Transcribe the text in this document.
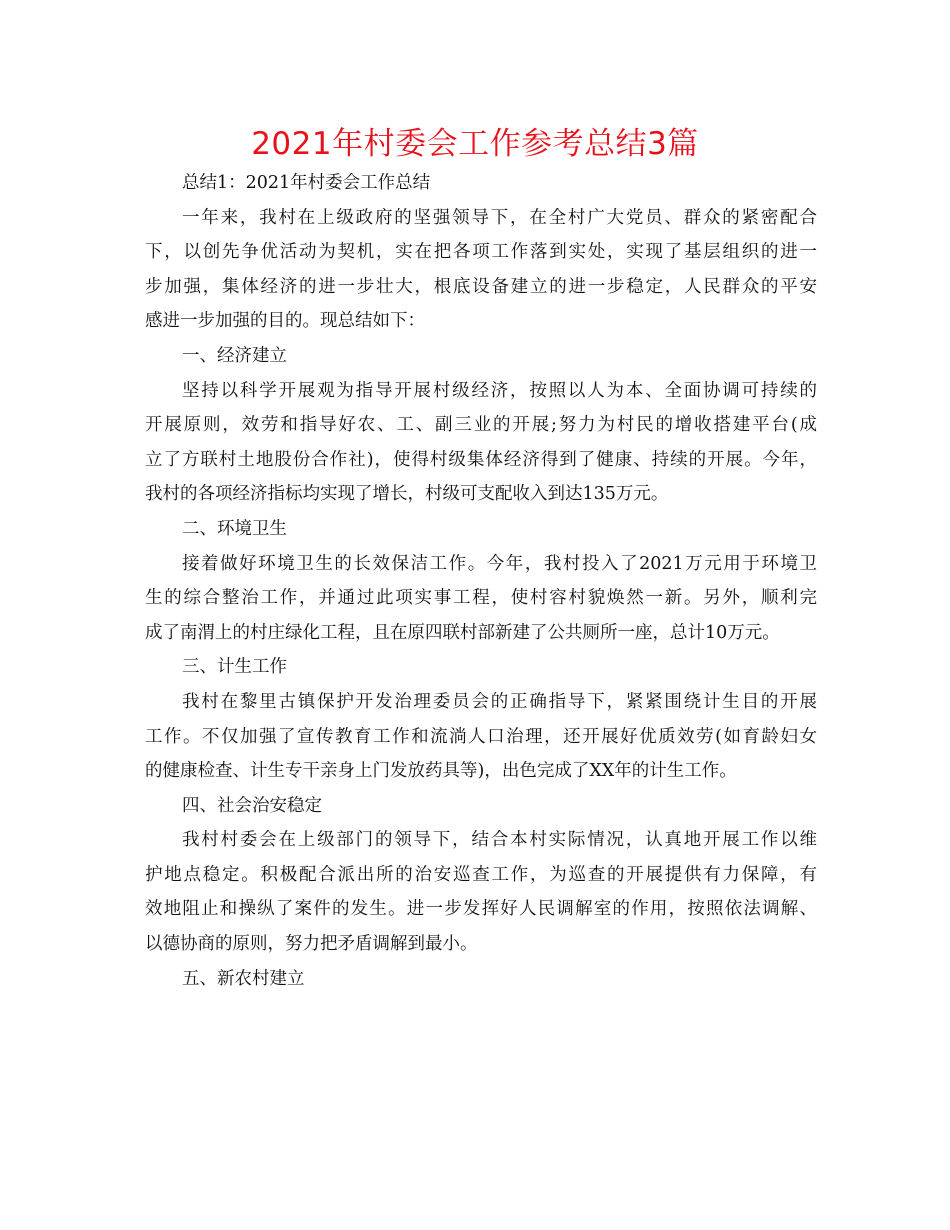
2021年村委会工作参考总结3篇
总结1：2021年村委会工作总结
一年来，我村在上级政府的坚强领导下，在全村广大党员、群众的紧密配合
下，以创先争优活动为契机，实在把各项工作落到实处，实现了基层组织的进一
步加强，集体经济的进一步壮大，根底设备建立的进一步稳定，人民群众的平安
感进一步加强的目的。现总结如下：
一、经济建立
坚持以科学开展观为指导开展村级经济，按照以人为本、全面协调可持续的
开展原则，效劳和指导好农、工、副三业的开展;努力为村民的增收搭建平台(成
立了方联村土地股份合作社)，使得村级集体经济得到了健康、持续的开展。今年，
我村的各项经济指标均实现了增长，村级可支配收入到达135万元。
二、环境卫生
接着做好环境卫生的长效保洁工作。今年，我村投入了2021万元用于环境卫
生的综合整治工作，并通过此项实事工程，使村容村貌焕然一新。另外，顺利完
成了南渭上的村庄绿化工程，且在原四联村部新建了公共厕所一座，总计10万元。
三、计生工作
我村在黎里古镇保护开发治理委员会的正确指导下，紧紧围绕计生目的开展
工作。不仅加强了宣传教育工作和流淌人口治理，还开展好优质效劳(如育龄妇女
的健康检查、计生专干亲身上门发放药具等)，出色完成了XX年的计生工作。
四、社会治安稳定
我村村委会在上级部门的领导下，结合本村实际情况，认真地开展工作以维
护地点稳定。积极配合派出所的治安巡查工作，为巡查的开展提供有力保障，有
效地阻止和操纵了案件的发生。进一步发挥好人民调解室的作用，按照依法调解、
以德协商的原则，努力把矛盾调解到最小。
五、新农村建立
